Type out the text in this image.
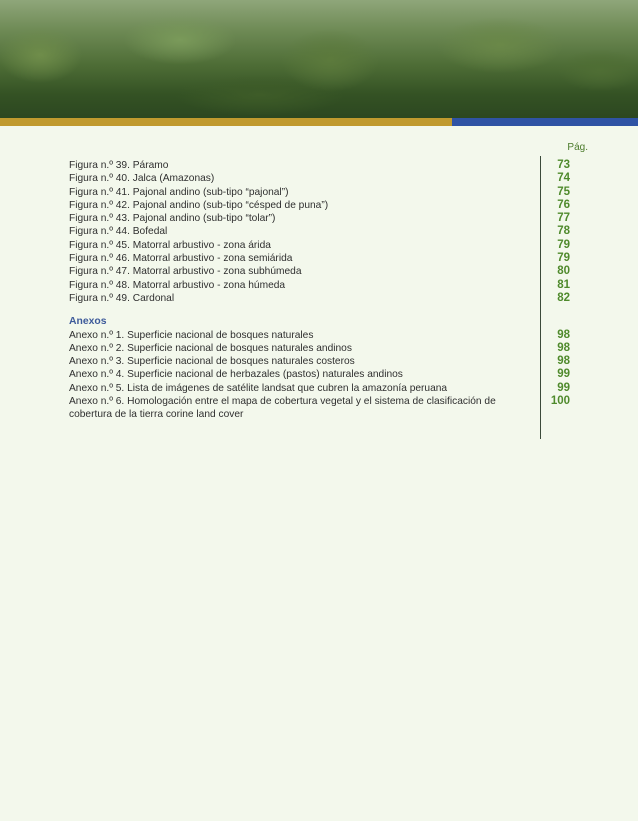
Pág.
Figura n.º 39. Páramo
Figura n.º 40. Jalca (Amazonas)
Figura n.º 41. Pajonal andino (sub-tipo “pajonal”)
Figura n.º 42. Pajonal andino (sub-tipo “césped de puna”)
Figura n.º 43. Pajonal andino (sub-tipo “tolar”)
Figura n.º 44. Bofedal
Figura n.º 45. Matorral arbustivo - zona árida
Figura n.º 46. Matorral arbustivo - zona semiárida
Figura n.º 47. Matorral arbustivo - zona subhúmeda
Figura n.º 48. Matorral arbustivo - zona húmeda
Figura n.º 49. Cardonal
Anexos
Anexo n.º 1. Superficie nacional de bosques naturales
Anexo n.º 2. Superficie nacional de bosques naturales andinos
Anexo n.º 3. Superficie nacional de bosques naturales costeros
Anexo n.º 4. Superficie nacional de herbazales (pastos) naturales andinos
Anexo n.º 5. Lista de imágenes de satélite landsat que cubren la amazonía peruana
Anexo n.º 6. Homologación entre el mapa de cobertura vegetal y el sistema de clasificación de cobertura de la tierra corine land cover
73
74
75
76
77
78
79
79
80
81
82
98
98
98
99
99
100
